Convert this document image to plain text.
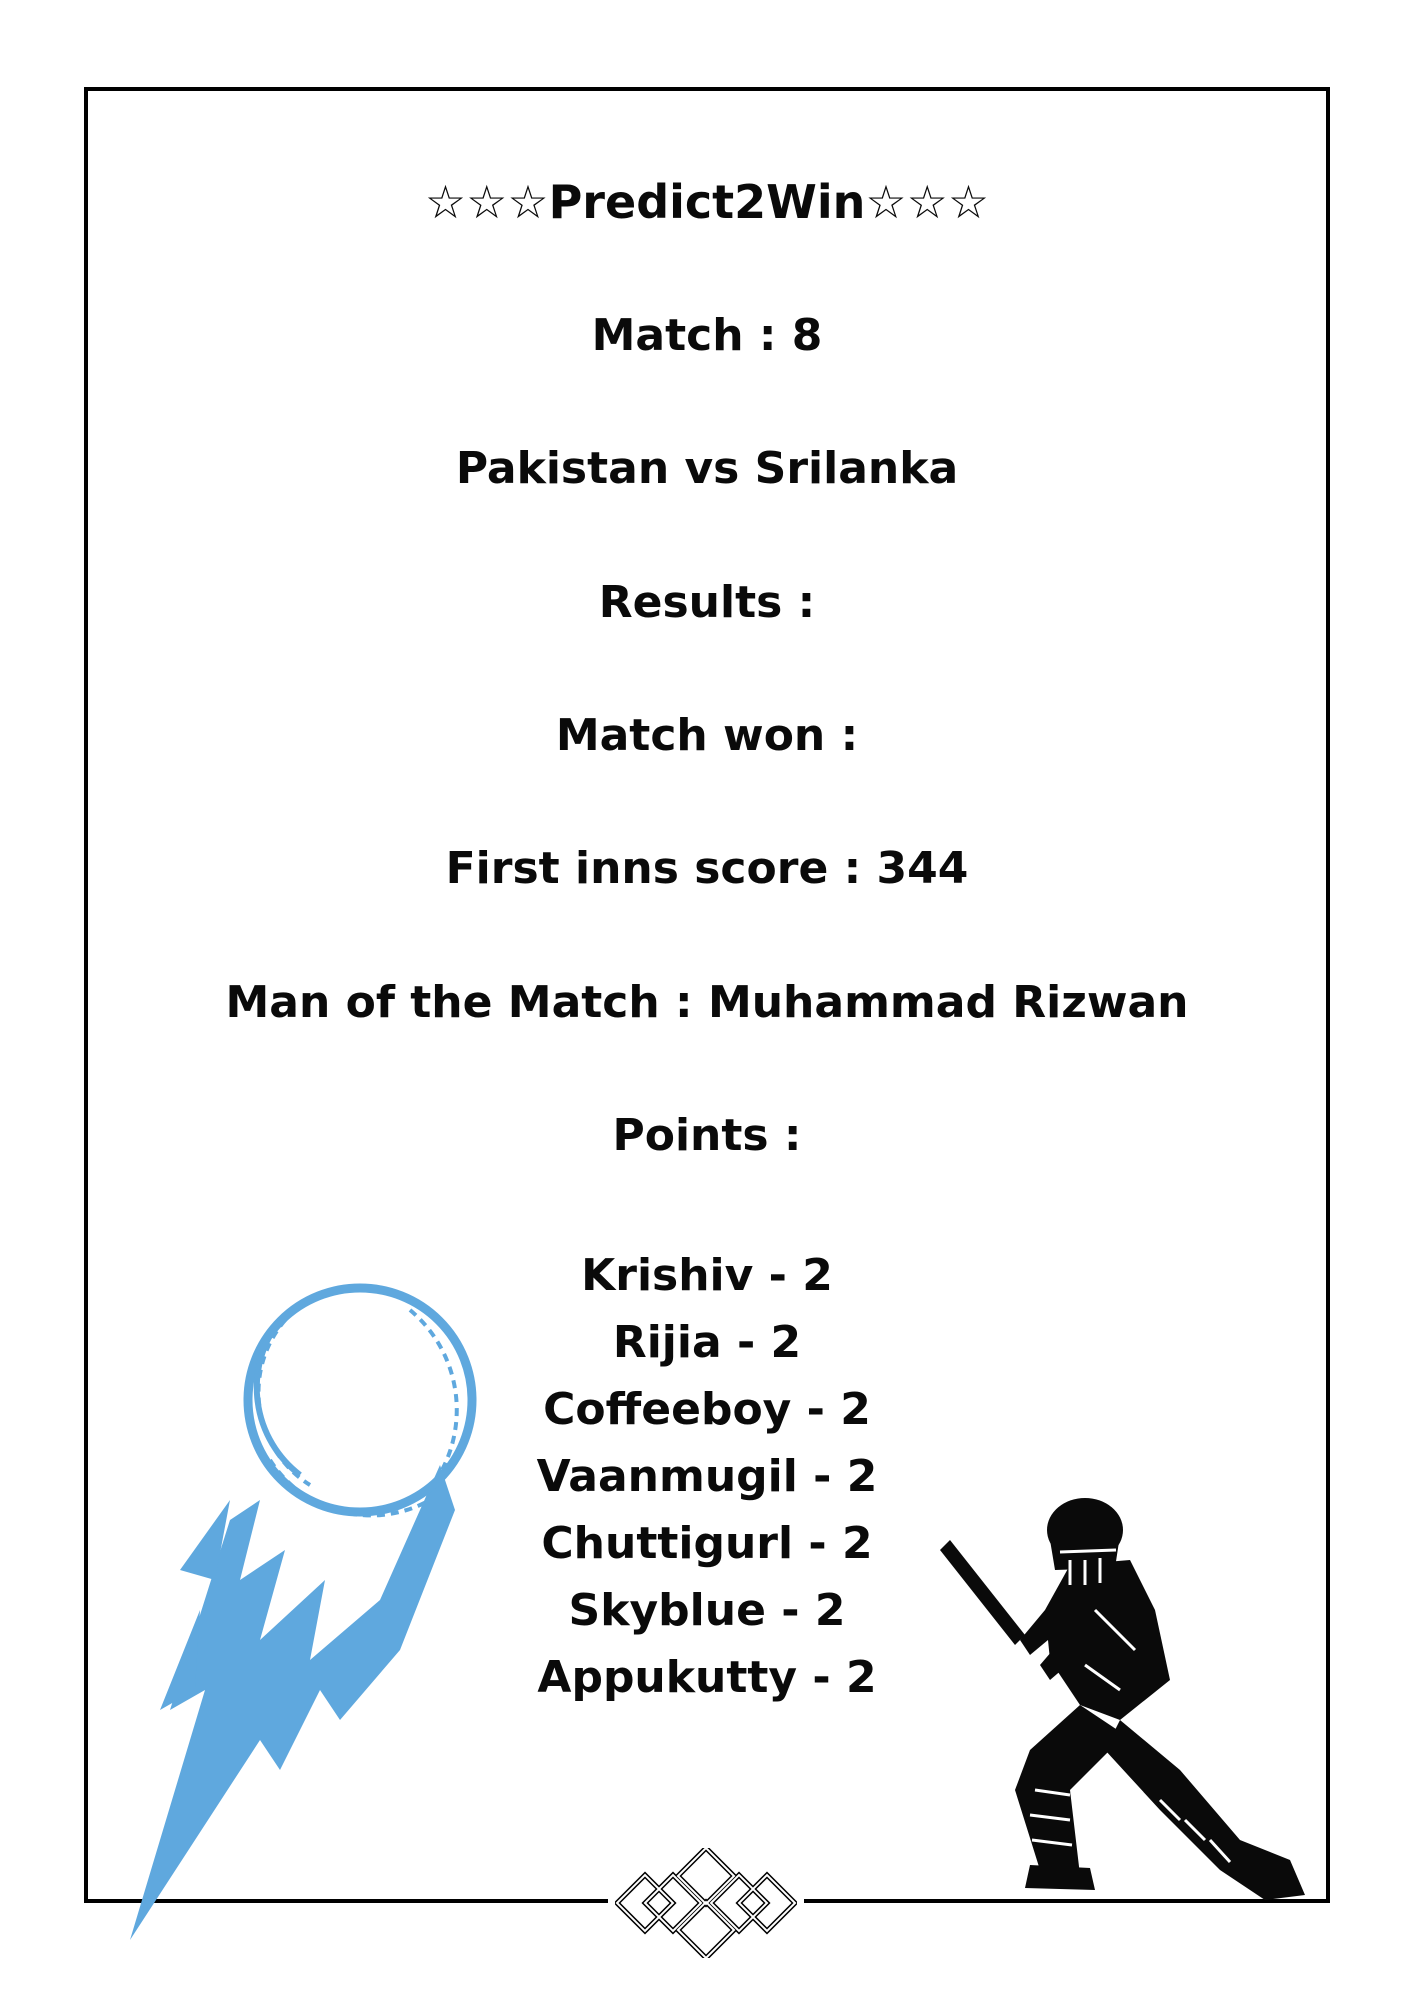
☆☆☆Predict2Win☆☆☆
Match : 8
Pakistan vs Srilanka
Results :
Match won :
First inns score : 344
Man of the Match : Muhammad Rizwan
Points :
Krishiv - 2
Rijia - 2
Coffeeboy - 2
Vaanmugil - 2
Chuttigurl - 2
Skyblue - 2
Appukutty - 2
